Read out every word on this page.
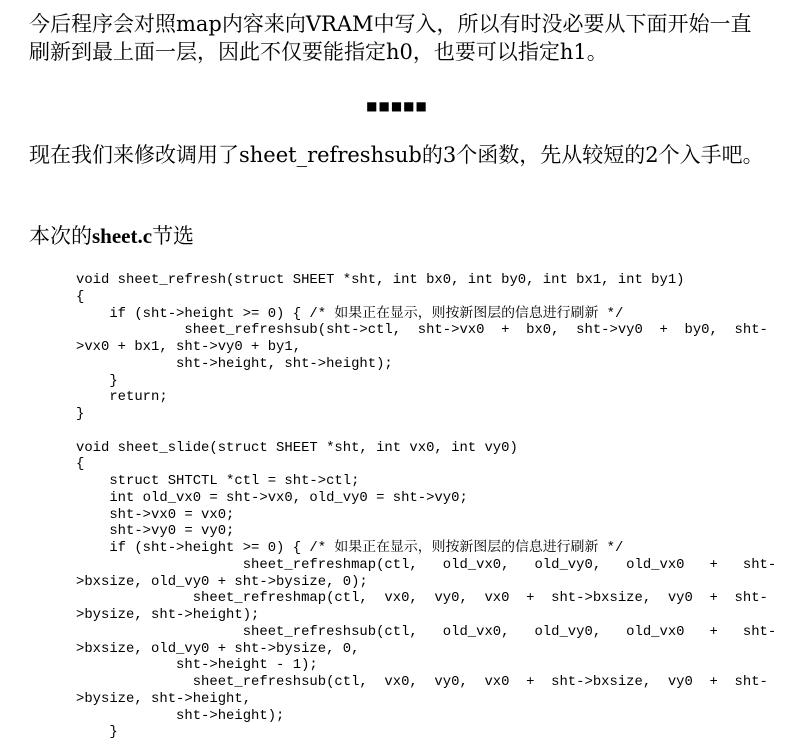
今后程序会对照map内容来向VRAM中写入，所以有时没必要从下面开始一直刷新到最上面一层，因此不仅要能指定h0，也要可以指定h1。

■■■■■

现在我们来修改调用了sheet_refreshsub的3个函数，先从较短的2个入手吧。

本次的sheet.c节选

void sheet_refresh(struct SHEET *sht, int bx0, int by0, int bx1, int by1)
{
if (sht->height >= 0) { /* 如果正在显示，则按新图层的信息进行刷新 */
sheet_refreshsub(sht->ctl,  sht->vx0  +  bx0,  sht->vy0  +  by0,  sht-
>vx0 + bx1, sht->vy0 + by1,
sht->height, sht->height);
}
return;
}

void sheet_slide(struct SHEET *sht, int vx0, int vy0)
{
struct SHTCTL *ctl = sht->ctl;
int old_vx0 = sht->vx0, old_vy0 = sht->vy0;
sht->vx0 = vx0;
sht->vy0 = vy0;
if (sht->height >= 0) { /* 如果正在显示，则按新图层的信息进行刷新 */
sheet_refreshmap(ctl,   old_vx0,   old_vy0,   old_vx0   +   sht-
>bxsize, old_vy0 + sht->bysize, 0);
sheet_refreshmap(ctl,  vx0,  vy0,  vx0  +  sht->bxsize,  vy0  +  sht-
>bysize, sht->height);
sheet_refreshsub(ctl,   old_vx0,   old_vy0,   old_vx0   +   sht-
>bxsize, old_vy0 + sht->bysize, 0,
sht->height - 1);
sheet_refreshsub(ctl,  vx0,  vy0,  vx0  +  sht->bxsize,  vy0  +  sht-
>bysize, sht->height,
sht->height);
}
